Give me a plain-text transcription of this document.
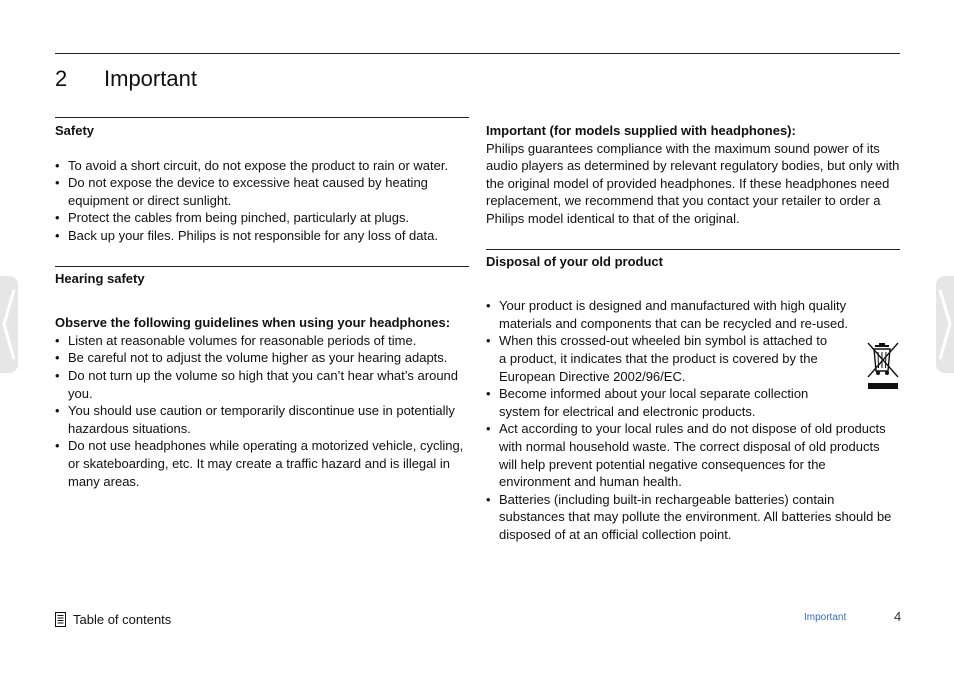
2 Important

Safety

• To avoid a short circuit, do not expose the product to rain or water.
• Do not expose the device to excessive heat caused by heating equipment or direct sunlight.
• Protect the cables from being pinched, particularly at plugs.
• Back up your files. Philips is not responsible for any loss of data.

Hearing safety

Observe the following guidelines when using your headphones:

• Listen at reasonable volumes for reasonable periods of time.
• Be careful not to adjust the volume higher as your hearing adapts.
• Do not turn up the volume so high that you can’t hear what’s around you.
• You should use caution or temporarily discontinue use in potentially hazardous situations.
• Do not use headphones while operating a motorized vehicle, cycling, or skateboarding, etc. It may create a traffic hazard and is illegal in many areas.

Important (for models supplied with headphones):

Philips guarantees compliance with the maximum sound power of its audio players as determined by relevant regulatory bodies, but only with the original model of provided headphones. If these headphones need replacement, we recommend that you contact your retailer to order a Philips model identical to that of the original.

Disposal of your old product

• Your product is designed and manufactured with high quality materials and components that can be recycled and re-used.
• When this crossed-out wheeled bin symbol is attached to a product, it indicates that the product is covered by the European Directive 2002/96/EC.
• Become informed about your local separate collection system for electrical and electronic products.
• Act according to your local rules and do not dispose of old products with normal household waste. The correct disposal of old products will help prevent potential negative consequences for the environment and human health.
• Batteries (including built-in rechargeable batteries) contain substances that may pollute the environment. All batteries should be disposed of at an official collection point.
Table of contents	Important	4
